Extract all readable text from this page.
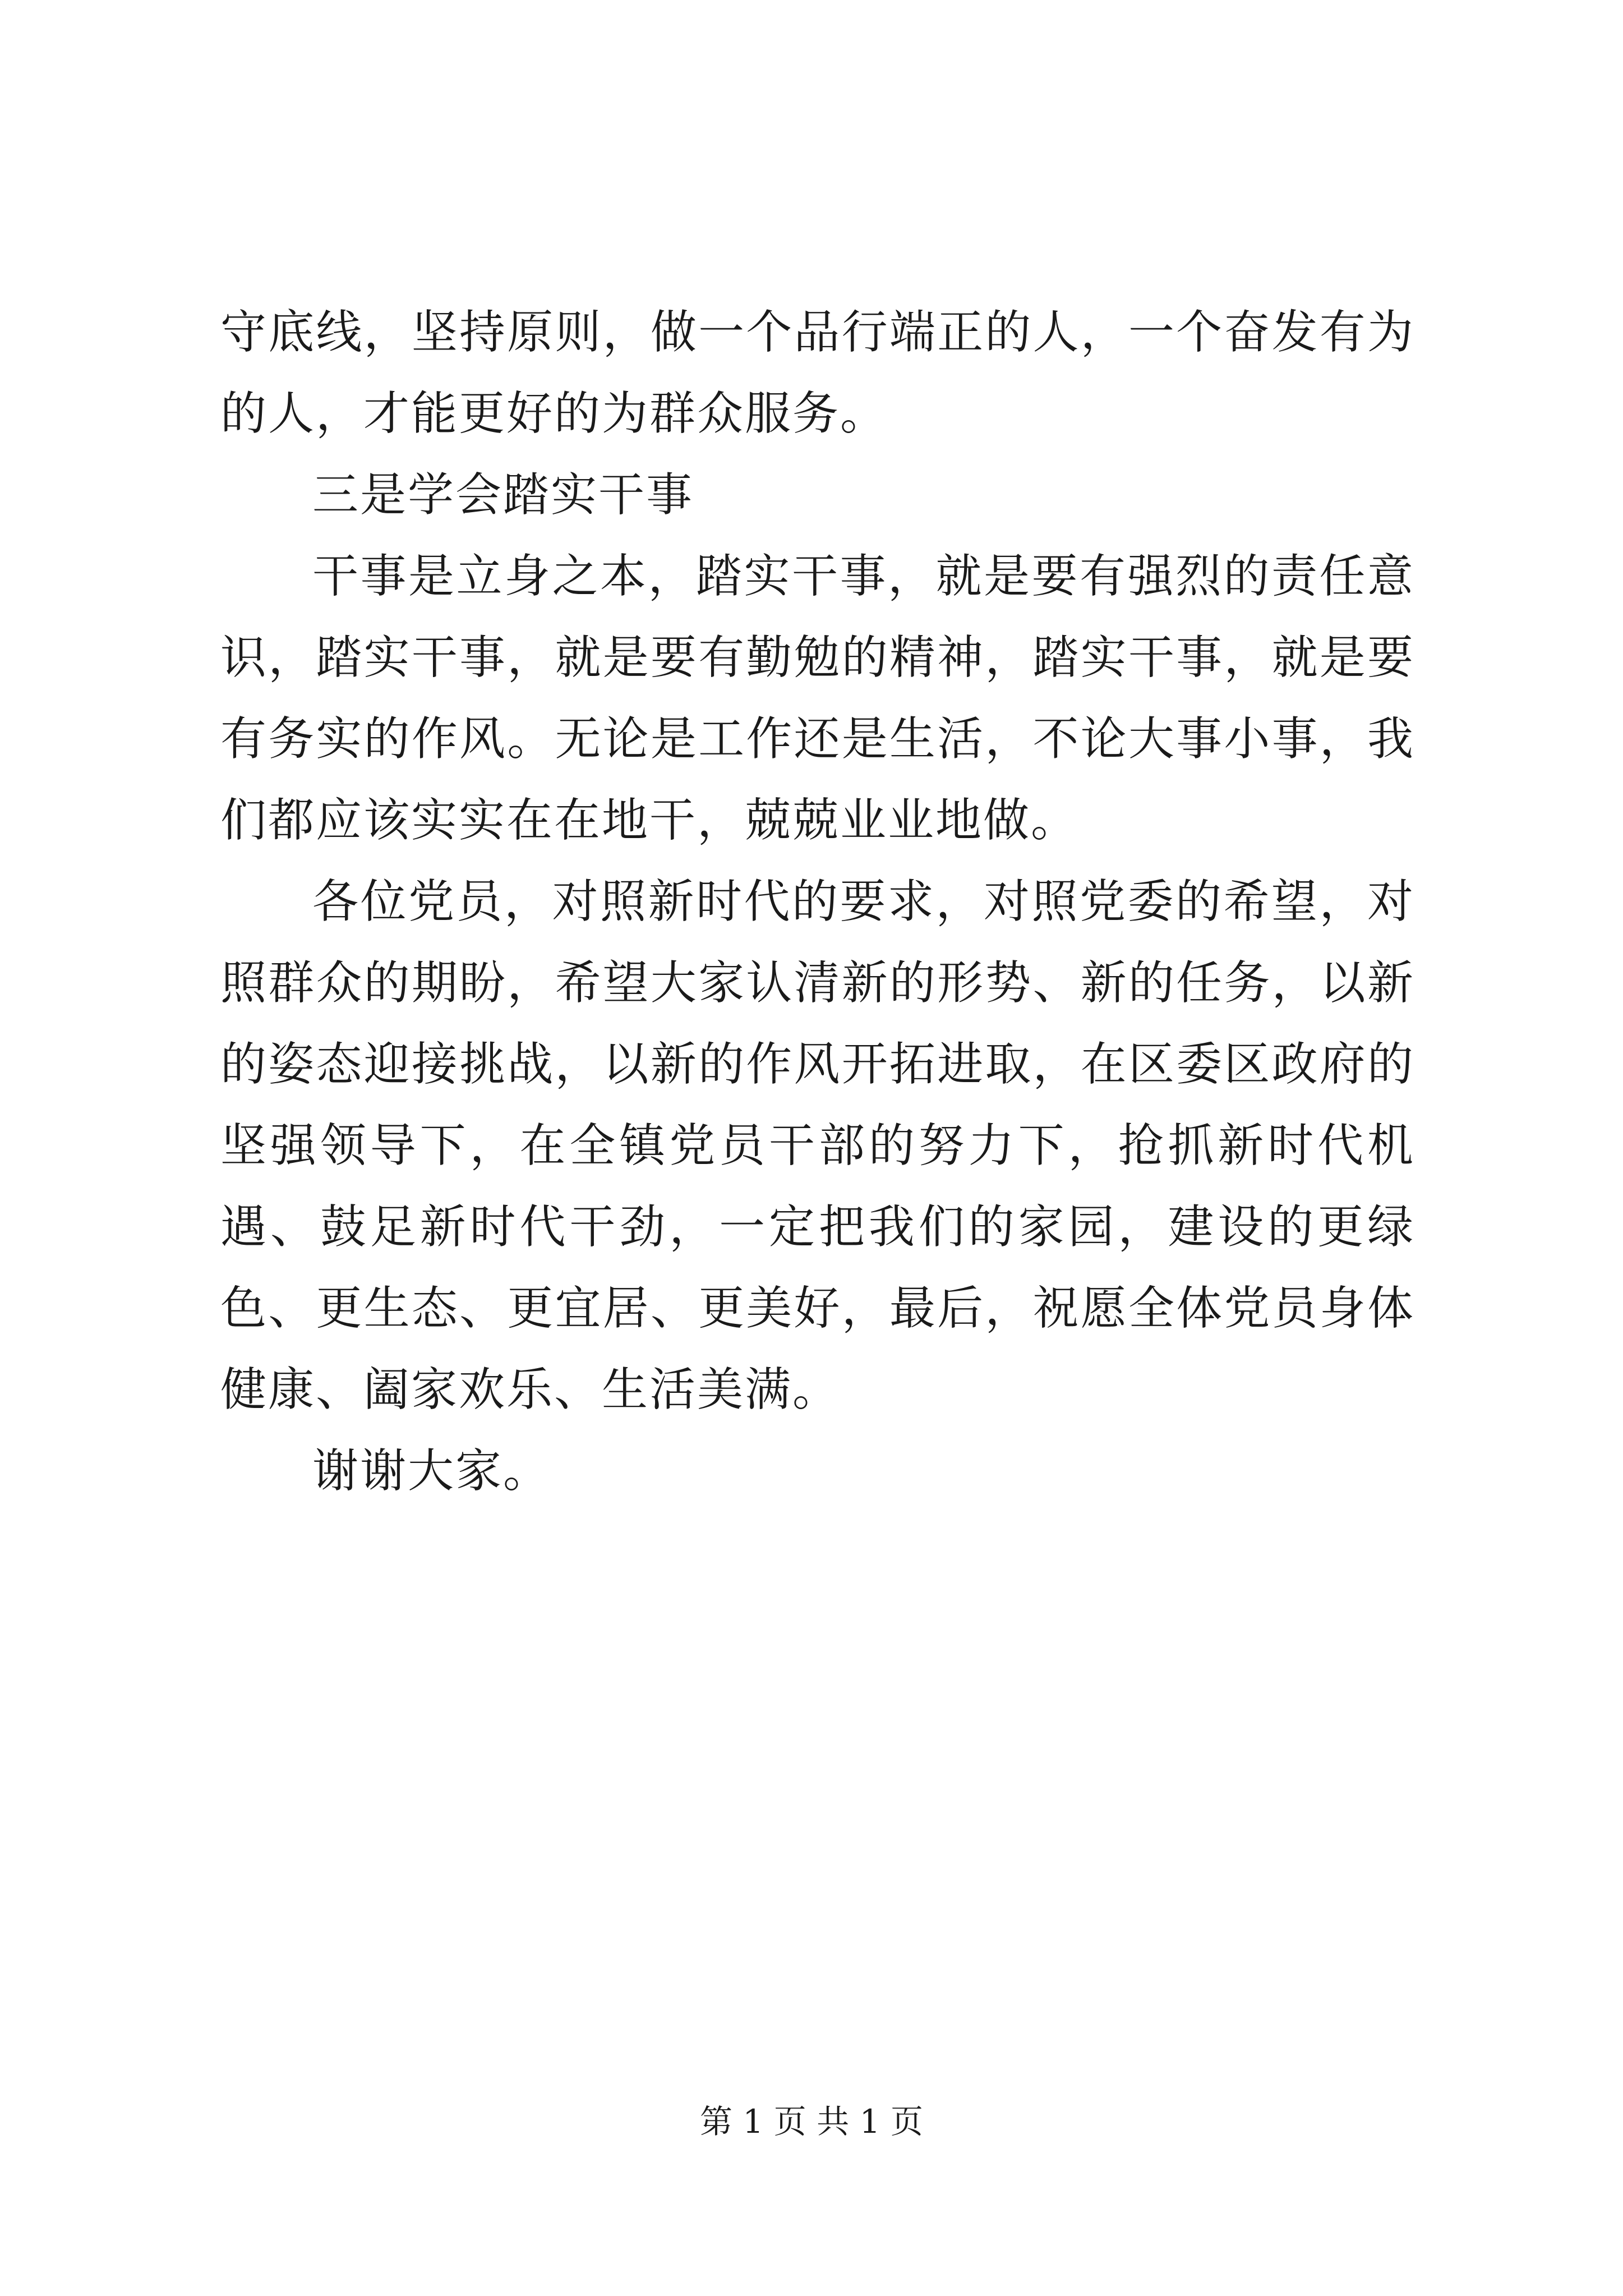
守底线，坚持原则，做一个品行端正的人，一个奋发有为的人，才能更好的为群众服务。

三是学会踏实干事

干事是立身之本，踏实干事，就是要有强烈的责任意识，踏实干事，就是要有勤勉的精神，踏实干事，就是要有务实的作风。无论是工作还是生活，不论大事小事，我们都应该实实在在地干，兢兢业业地做。

各位党员，对照新时代的要求，对照党委的希望，对照群众的期盼，希望大家认清新的形势、新的任务，以新的姿态迎接挑战，以新的作风开拓进取，在区委区政府的坚强领导下，在全镇党员干部的努力下，抢抓新时代机遇、鼓足新时代干劲，一定把我们的家园，建设的更绿色、更生态、更宜居、更美好，最后，祝愿全体党员身体健康、阖家欢乐、生活美满。

谢谢大家。

第 1 页 共 1 页
